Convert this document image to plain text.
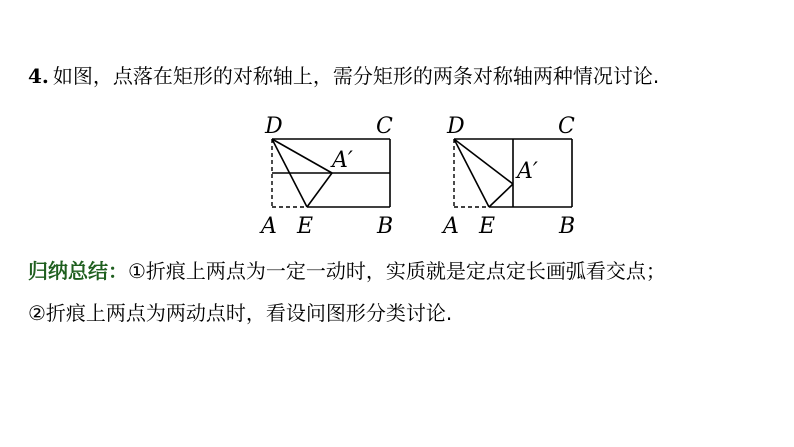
4. 如图，点落在矩形的对称轴上，需分矩形的两条对称轴两种情况讨论.
D	C
A′
A E	B
D	C
A′
A E	B
归纳总结：①折痕上两点为一定一动时，实质就是定点定长画弧看交点；
②折痕上两点为两动点时，看设问图形分类讨论.
